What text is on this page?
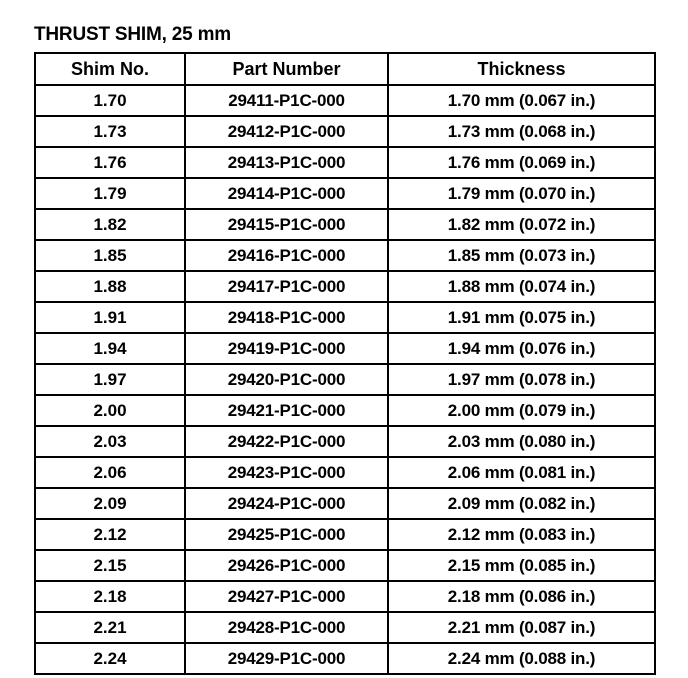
THRUST SHIM, 25 mm
Shim No.	Part Number	Thickness
1.70	29411-P1C-000	1.70 mm (0.067 in.)
1.73	29412-P1C-000	1.73 mm (0.068 in.)
1.76	29413-P1C-000	1.76 mm (0.069 in.)
1.79	29414-P1C-000	1.79 mm (0.070 in.)
1.82	29415-P1C-000	1.82 mm (0.072 in.)
1.85	29416-P1C-000	1.85 mm (0.073 in.)
1.88	29417-P1C-000	1.88 mm (0.074 in.)
1.91	29418-P1C-000	1.91 mm (0.075 in.)
1.94	29419-P1C-000	1.94 mm (0.076 in.)
1.97	29420-P1C-000	1.97 mm (0.078 in.)
2.00	29421-P1C-000	2.00 mm (0.079 in.)
2.03	29422-P1C-000	2.03 mm (0.080 in.)
2.06	29423-P1C-000	2.06 mm (0.081 in.)
2.09	29424-P1C-000	2.09 mm (0.082 in.)
2.12	29425-P1C-000	2.12 mm (0.083 in.)
2.15	29426-P1C-000	2.15 mm (0.085 in.)
2.18	29427-P1C-000	2.18 mm (0.086 in.)
2.21	29428-P1C-000	2.21 mm (0.087 in.)
2.24	29429-P1C-000	2.24 mm (0.088 in.)
